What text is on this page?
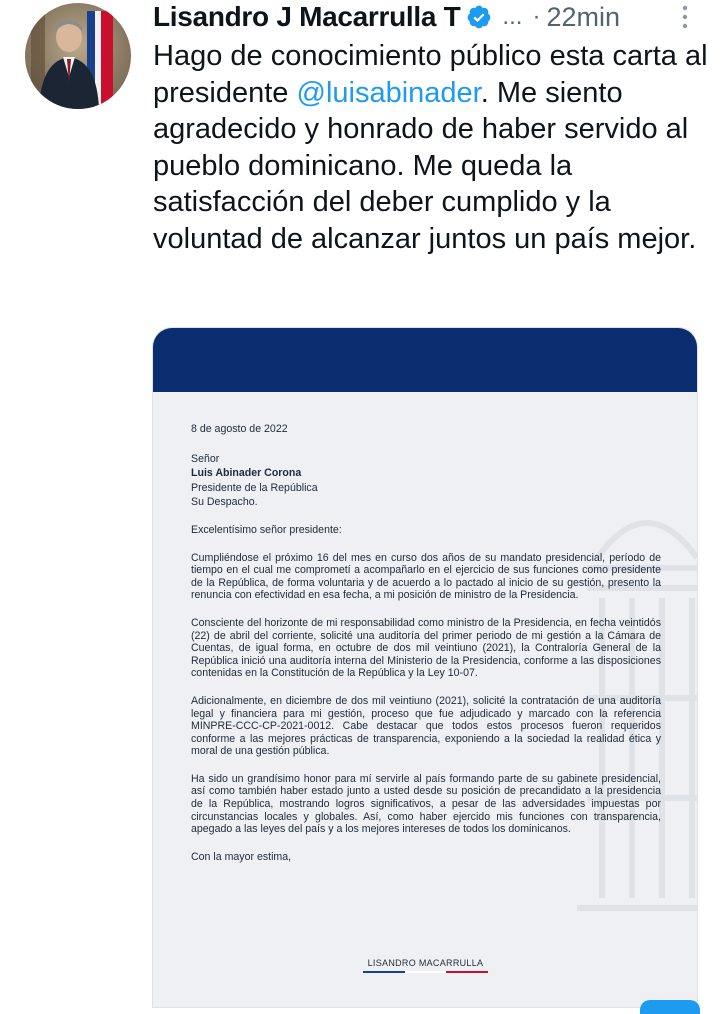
Lisandro J Macarrulla T ... · 22min
Hago de conocimiento público esta carta al presidente @luisabinader. Me siento agradecido y honrado de haber servido al pueblo dominicano. Me queda la satisfacción del deber cumplido y la voluntad de alcanzar juntos un país mejor.
8 de agosto de 2022
Señor
Luis Abinader Corona
Presidente de la República
Su Despacho.
Excelentísimo señor presidente:
Cumpliéndose el próximo 16 del mes en curso dos años de su mandato presidencial, período de tiempo en el cual me comprometí a acompañarlo en el ejercicio de sus funciones como presidente de la República, de forma voluntaria y de acuerdo a lo pactado al inicio de su gestión, presento la renuncia con efectividad en esa fecha, a mi posición de ministro de la Presidencia.
Consciente del horizonte de mi responsabilidad como ministro de la Presidencia, en fecha veintidós (22) de abril del corriente, solicité una auditoría del primer periodo de mi gestión a la Cámara de Cuentas, de igual forma, en octubre de dos mil veintiuno (2021), la Contraloría General de la República inició una auditoría interna del Ministerio de la Presidencia, conforme a las disposiciones contenidas en la Constitución de la República y la Ley 10-07.
Adicionalmente, en diciembre de dos mil veintiuno (2021), solicité la contratación de una auditoría legal y financiera para mi gestión, proceso que fue adjudicado y marcado con la referencia MINPRE-CCC-CP-2021-0012. Cabe destacar que todos estos procesos fueron requeridos conforme a las mejores prácticas de transparencia, exponiendo a la sociedad la realidad ética y moral de una gestión pública.
Ha sido un grandísimo honor para mí servirle al país formando parte de su gabinete presidencial, así como también haber estado junto a usted desde su posición de precandidato a la presidencia de la República, mostrando logros significativos, a pesar de las adversidades impuestas por circunstancias locales y globales. Así, como haber ejercido mis funciones con transparencia, apegado a las leyes del país y a los mejores intereses de todos los dominicanos.
Con la mayor estima,
LISANDRO MACARRULLA
